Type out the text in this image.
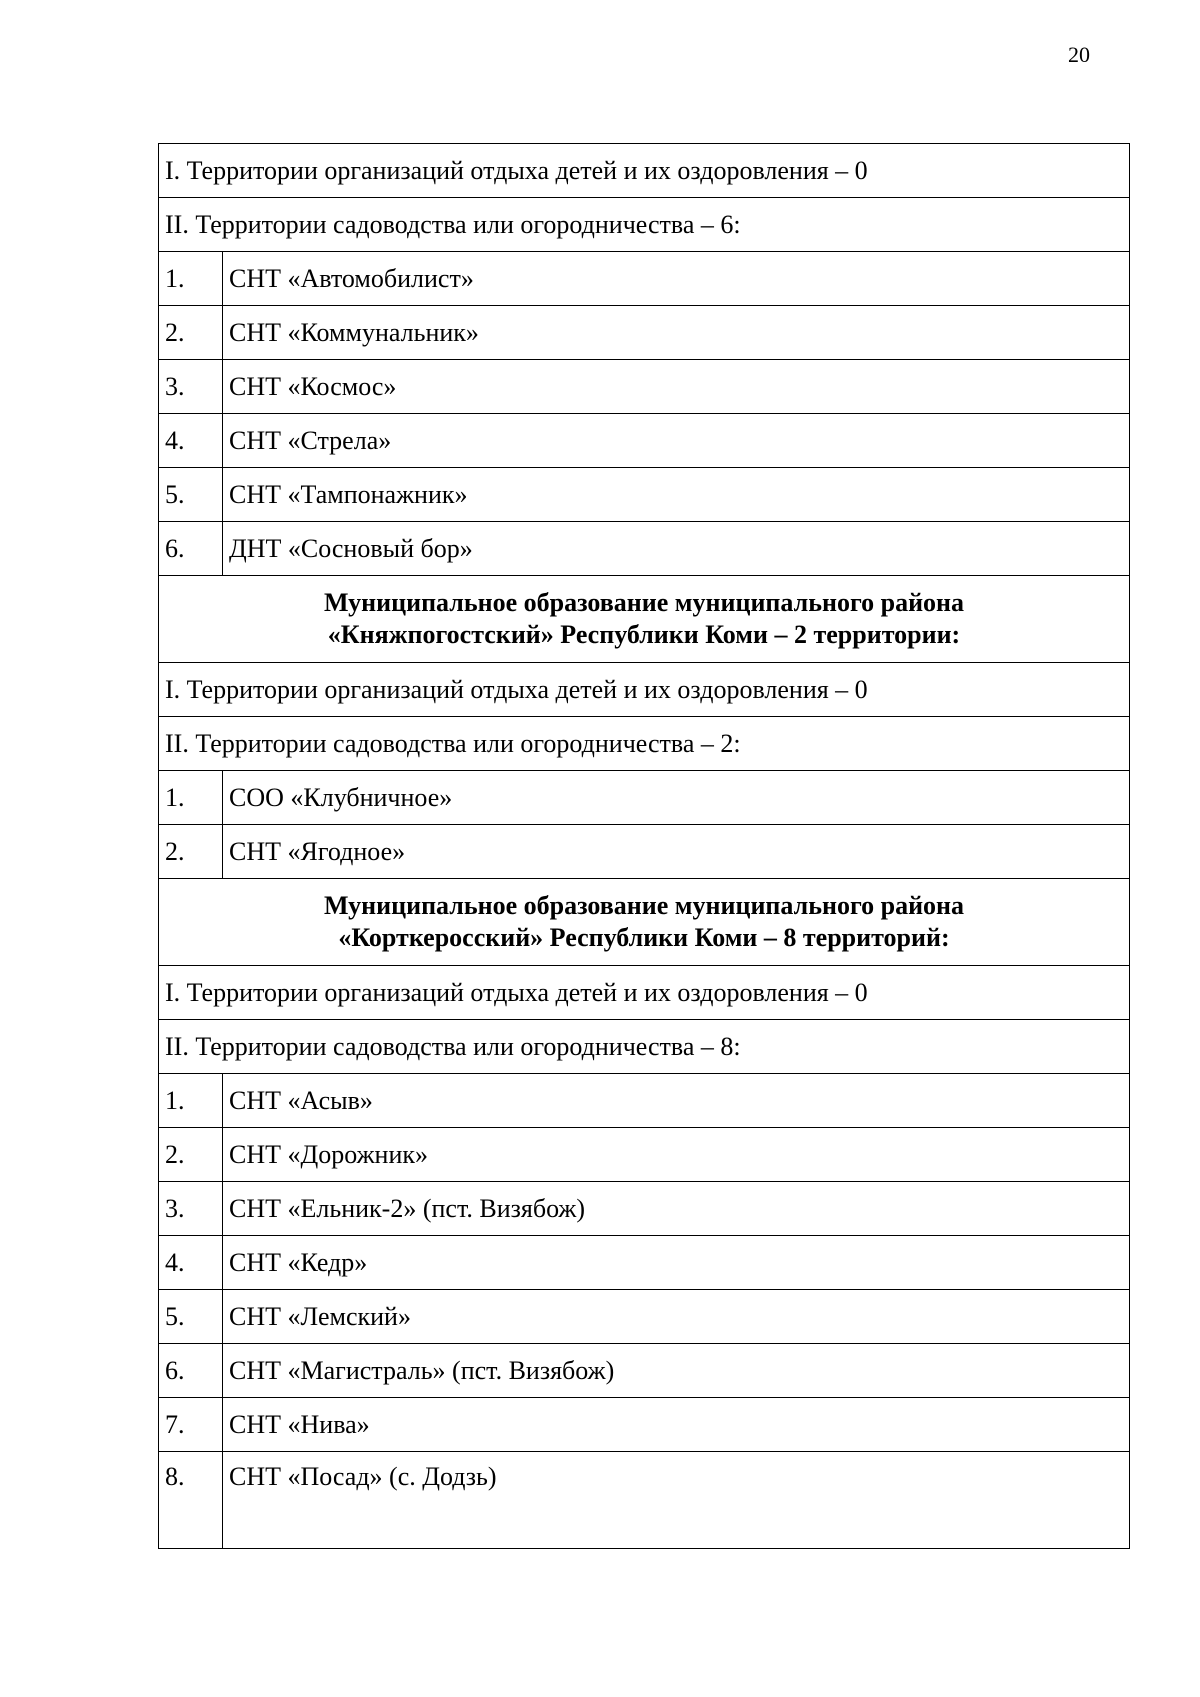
20
I. Территории организаций отдыха детей и их оздоровления – 0	
II. Территории садоводства или огородничества – 6:	
1.	СНТ «Автомобилист»
2.	СНТ «Коммунальник»
3.	СНТ «Космос»
4.	СНТ «Стрела»
5.	СНТ «Тампонажник»
6.	ДНТ «Сосновый бор»

Муниципальное образование муниципального района
«Княжпогостский» Республики Коми – 2 территории:	

I. Территории организаций отдыха детей и их оздоровления – 0	
II. Территории садоводства или огородничества – 2:	
1.	СОО «Клубничное»
2.	СНТ «Ягодное»

Муниципальное образование муниципального района
«Корткеросский» Республики Коми – 8 территорий:	

I. Территории организаций отдыха детей и их оздоровления – 0	
II. Территории садоводства или огородничества – 8:	
1.	СНТ «Асыв»
2.	СНТ «Дорожник»
3.	СНТ «Ельник-2» (пст. Визябож)
4.	СНТ «Кедр»
5.	СНТ «Лемский»
6.	СНТ «Магистраль» (пст. Визябож)
7.	СНТ «Нива»
8.	СНТ «Посад» (с. Додзь)
